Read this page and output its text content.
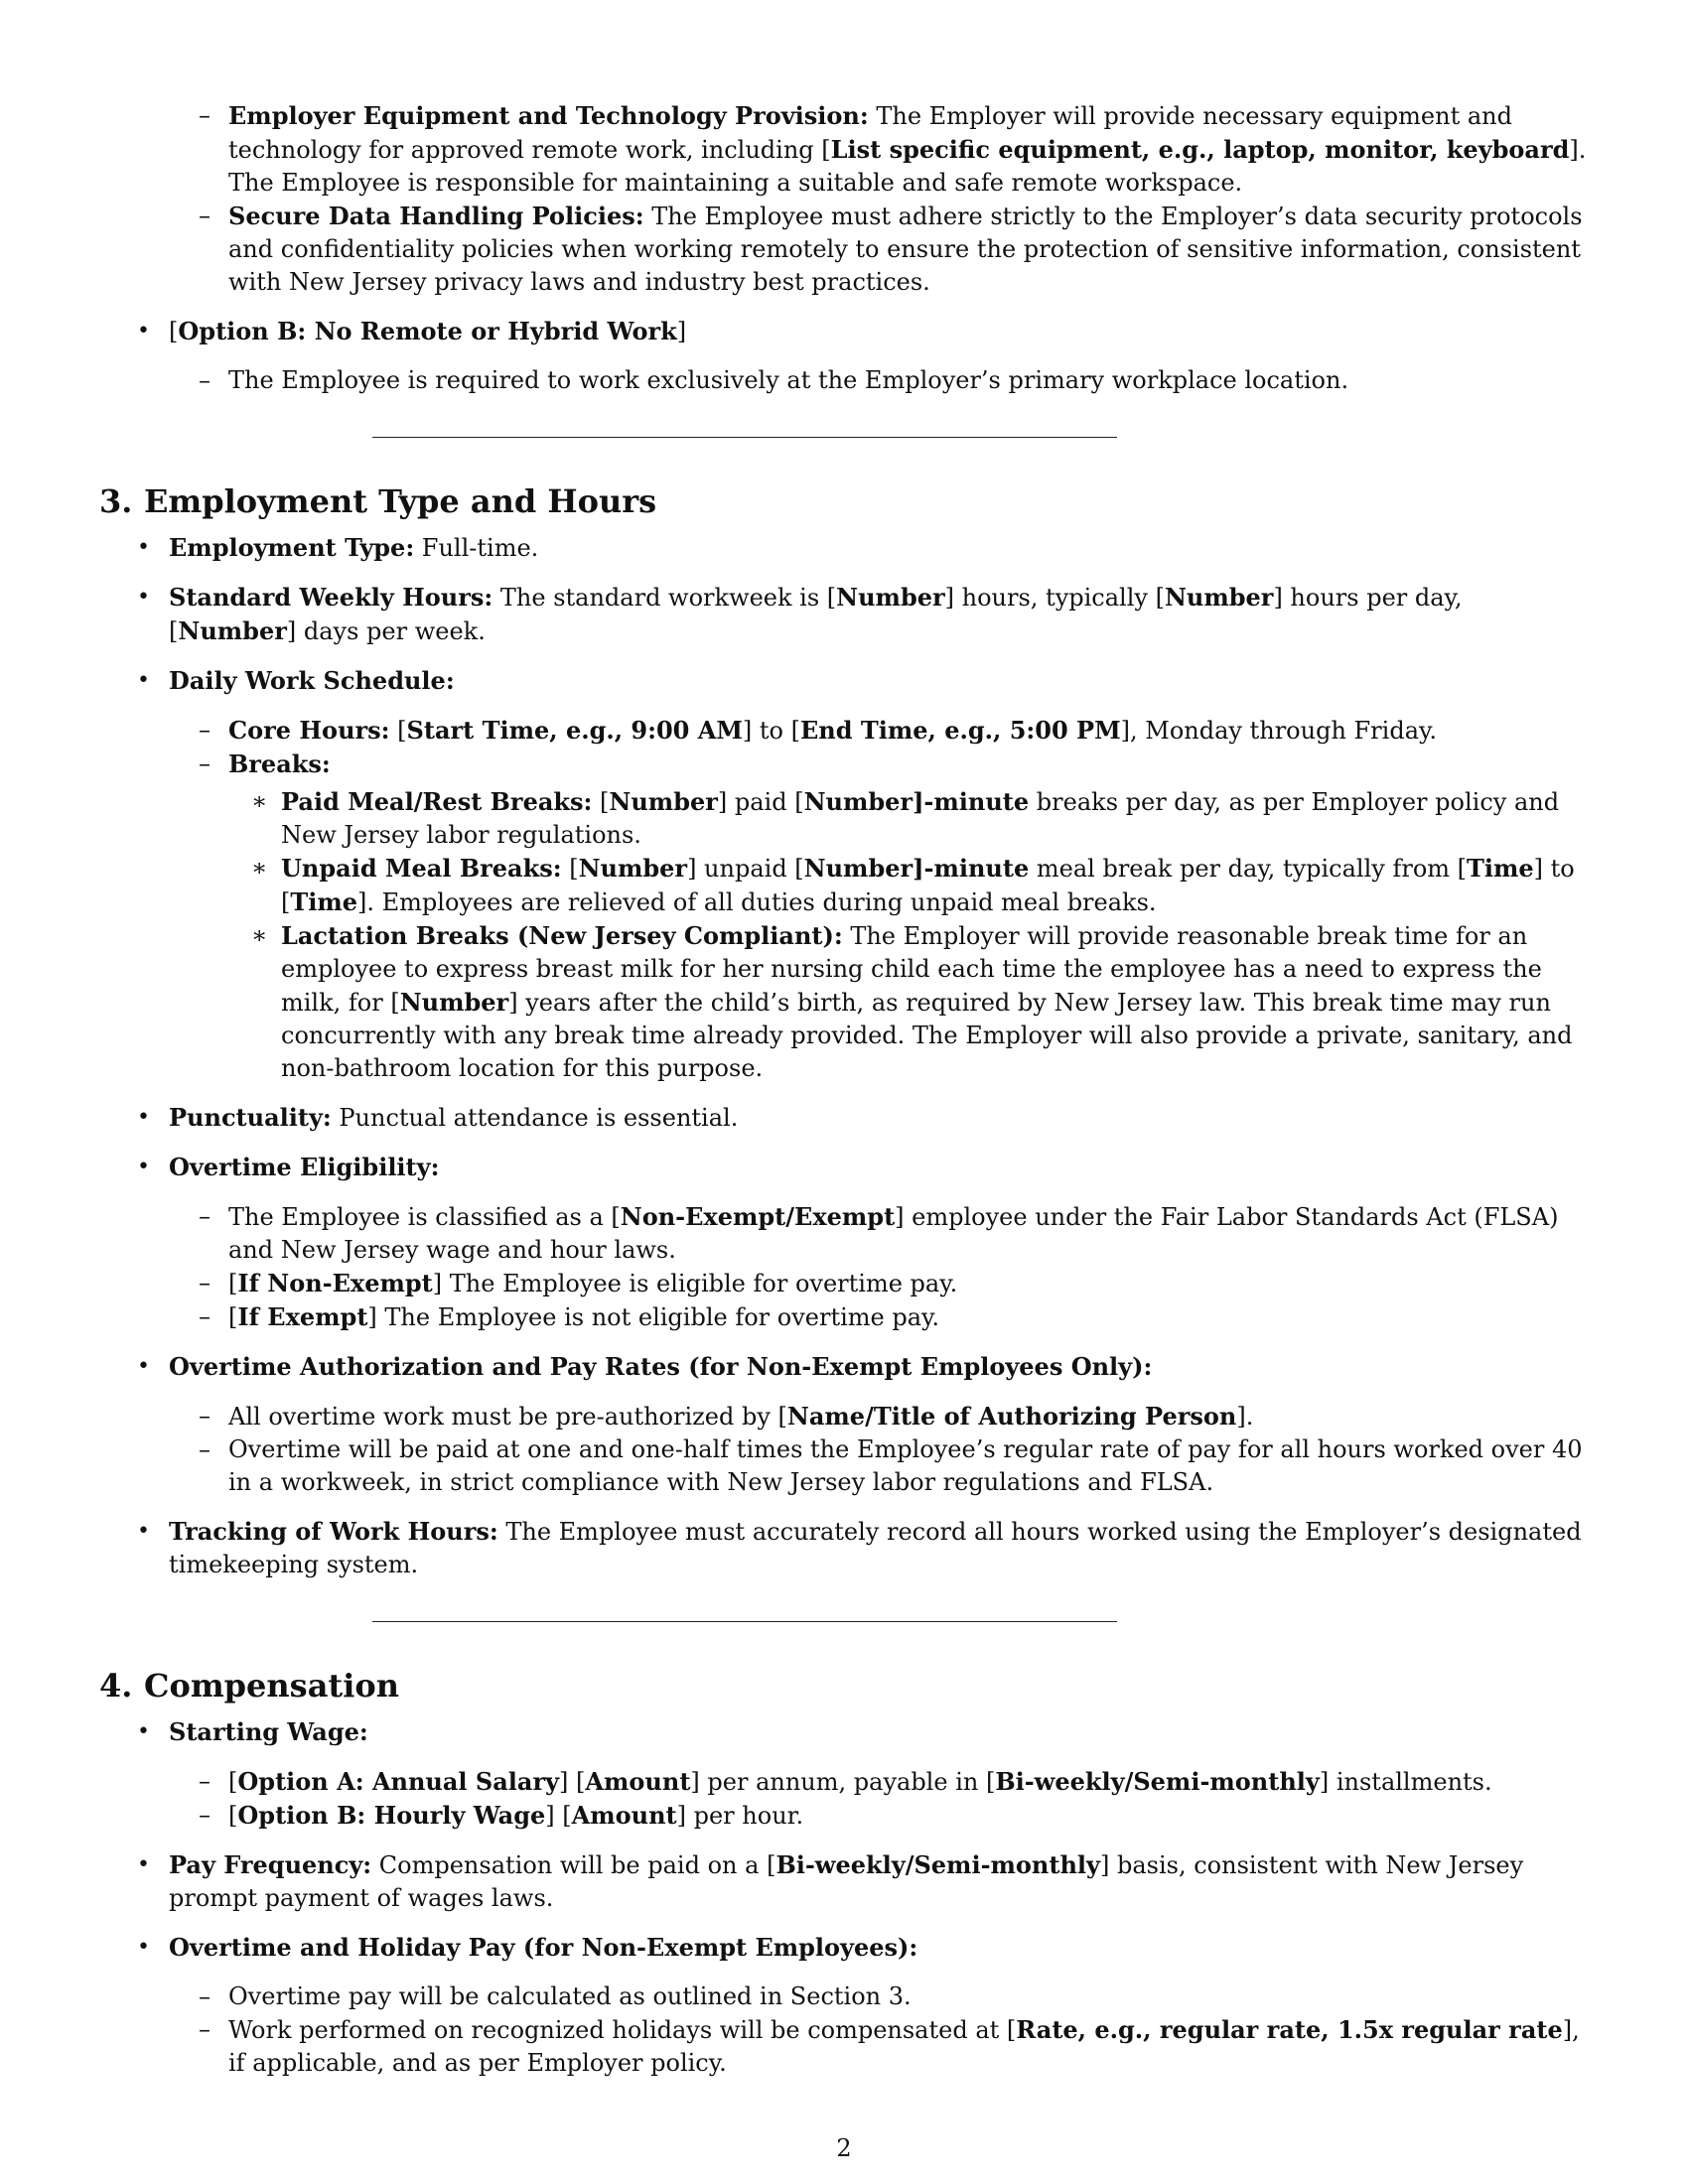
– Employer Equipment and Technology Provision: The Employer will provide necessary equipment and technology for approved remote work, including [List specific equipment, e.g., laptop, monitor, keyboard]. The Employee is responsible for maintaining a suitable and safe remote workspace.
– Secure Data Handling Policies: The Employee must adhere strictly to the Employer’s data security protocols and confidentiality policies when working remotely to ensure the protection of sensitive information, consistent with New Jersey privacy laws and industry best practices.
• [Option B: No Remote or Hybrid Work]
– The Employee is required to work exclusively at the Employer’s primary workplace location.
3. Employment Type and Hours
• Employment Type: Full-time.
• Standard Weekly Hours: The standard workweek is [Number] hours, typically [Number] hours per day, [Number] days per week.
• Daily Work Schedule:
– Core Hours: [Start Time, e.g., 9:00 AM] to [End Time, e.g., 5:00 PM], Monday through Friday.
– Breaks:
∗ Paid Meal/Rest Breaks: [Number] paid [Number]-minute breaks per day, as per Employer policy and New Jersey labor regulations.
∗ Unpaid Meal Breaks: [Number] unpaid [Number]-minute meal break per day, typically from [Time] to [Time]. Employees are relieved of all duties during unpaid meal breaks.
∗ Lactation Breaks (New Jersey Compliant): The Employer will provide reasonable break time for an employee to express breast milk for her nursing child each time the employee has a need to express the milk, for [Number] years after the child’s birth, as required by New Jersey law. This break time may run concurrently with any break time already provided. The Employer will also provide a private, sanitary, and non-bathroom location for this purpose.
• Punctuality: Punctual attendance is essential.
• Overtime Eligibility:
– The Employee is classified as a [Non-Exempt/Exempt] employee under the Fair Labor Standards Act (FLSA) and New Jersey wage and hour laws.
– [If Non-Exempt] The Employee is eligible for overtime pay.
– [If Exempt] The Employee is not eligible for overtime pay.
• Overtime Authorization and Pay Rates (for Non-Exempt Employees Only):
– All overtime work must be pre-authorized by [Name/Title of Authorizing Person].
– Overtime will be paid at one and one-half times the Employee’s regular rate of pay for all hours worked over 40 in a workweek, in strict compliance with New Jersey labor regulations and FLSA.
• Tracking of Work Hours: The Employee must accurately record all hours worked using the Employer’s designated timekeeping system.
4. Compensation
• Starting Wage:
– [Option A: Annual Salary] [Amount] per annum, payable in [Bi-weekly/Semi-monthly] installments.
– [Option B: Hourly Wage] [Amount] per hour.
• Pay Frequency: Compensation will be paid on a [Bi-weekly/Semi-monthly] basis, consistent with New Jersey prompt payment of wages laws.
• Overtime and Holiday Pay (for Non-Exempt Employees):
– Overtime pay will be calculated as outlined in Section 3.
– Work performed on recognized holidays will be compensated at [Rate, e.g., regular rate, 1.5x regular rate], if applicable, and as per Employer policy.
2
